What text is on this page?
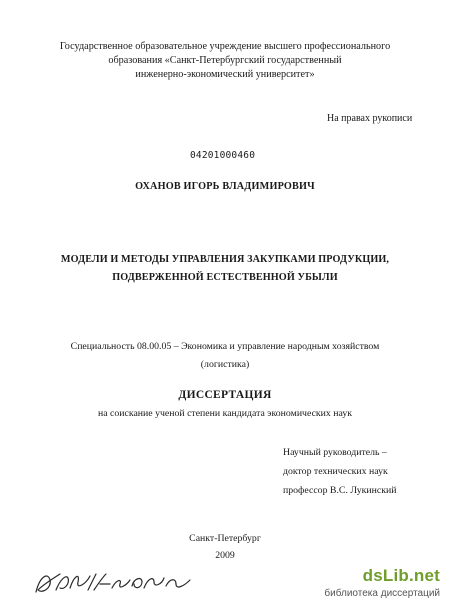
Государственное образовательное учреждение высшего профессионального
образования «Санкт-Петербургский государственный
инженерно-экономический университет»
На правах рукописи
04201000460
ОХАНОВ ИГОРЬ ВЛАДИМИРОВИЧ
МОДЕЛИ И МЕТОДЫ УПРАВЛЕНИЯ ЗАКУПКАМИ ПРОДУКЦИИ,
ПОДВЕРЖЕННОЙ ЕСТЕСТВЕННОЙ УБЫЛИ
Специальность 08.00.05 – Экономика и управление народным хозяйством
(логистика)
ДИССЕРТАЦИЯ
на соискание ученой степени кандидата экономических наук
Научный руководитель –
доктор технических наук
профессор В.С. Лукинский
Санкт-Петербург
2009
dsLib.net
библиотека диссертаций
